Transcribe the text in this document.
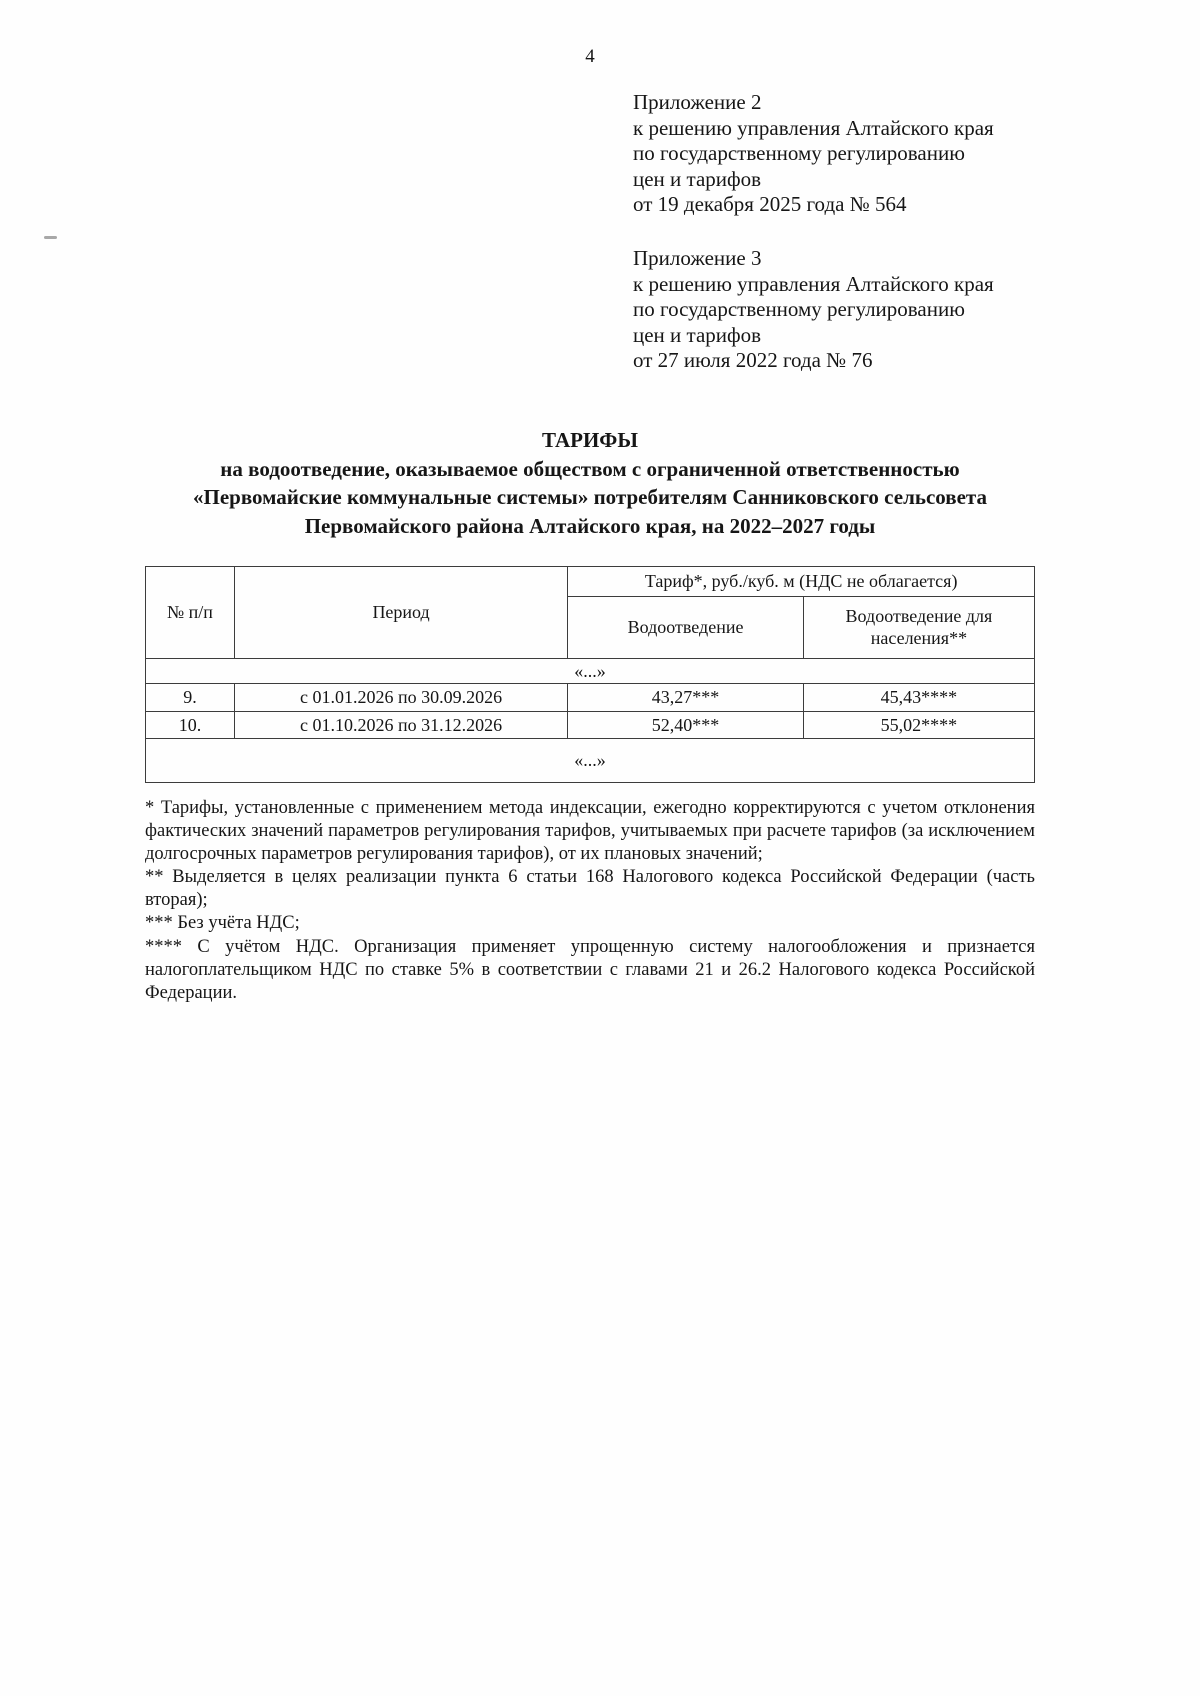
4
Приложение 2
к решению управления Алтайского края
по государственному регулированию
цен и тарифов
от 19 декабря 2025 года № 564
Приложение 3
к решению управления Алтайского края
по государственному регулированию
цен и тарифов
от 27 июля 2022 года № 76
ТАРИФЫ
на водоотведение, оказываемое обществом с ограниченной ответственностью
«Первомайские коммунальные системы» потребителям Санниковского сельсовета
Первомайского района Алтайского края, на 2022–2027 годы
№ п/п	Период	Тариф*, руб./куб. м (НДС не облагается)	
		Водоотведение	Водоотведение для населения**
«...»			
9.	с 01.01.2026 по 30.09.2026	43,27***	45,43****
10.	с 01.10.2026 по 31.12.2026	52,40***	55,02****
«...»			

* Тарифы, установленные с применением метода индексации, ежегодно корректируются с учетом отклонения фактических значений параметров регулирования тарифов, учитываемых при расчете тарифов (за исключением долгосрочных параметров регулирования тарифов), от их плановых значений;

** Выделяется в целях реализации пункта 6 статьи 168 Налогового кодекса Российской Федерации (часть вторая);

*** Без учёта НДС;

**** С учётом НДС. Организация применяет упрощенную систему налогообложения и признается налогоплательщиком НДС по ставке 5% в соответствии с главами 21 и 26.2 Налогового кодекса Российской Федерации.
